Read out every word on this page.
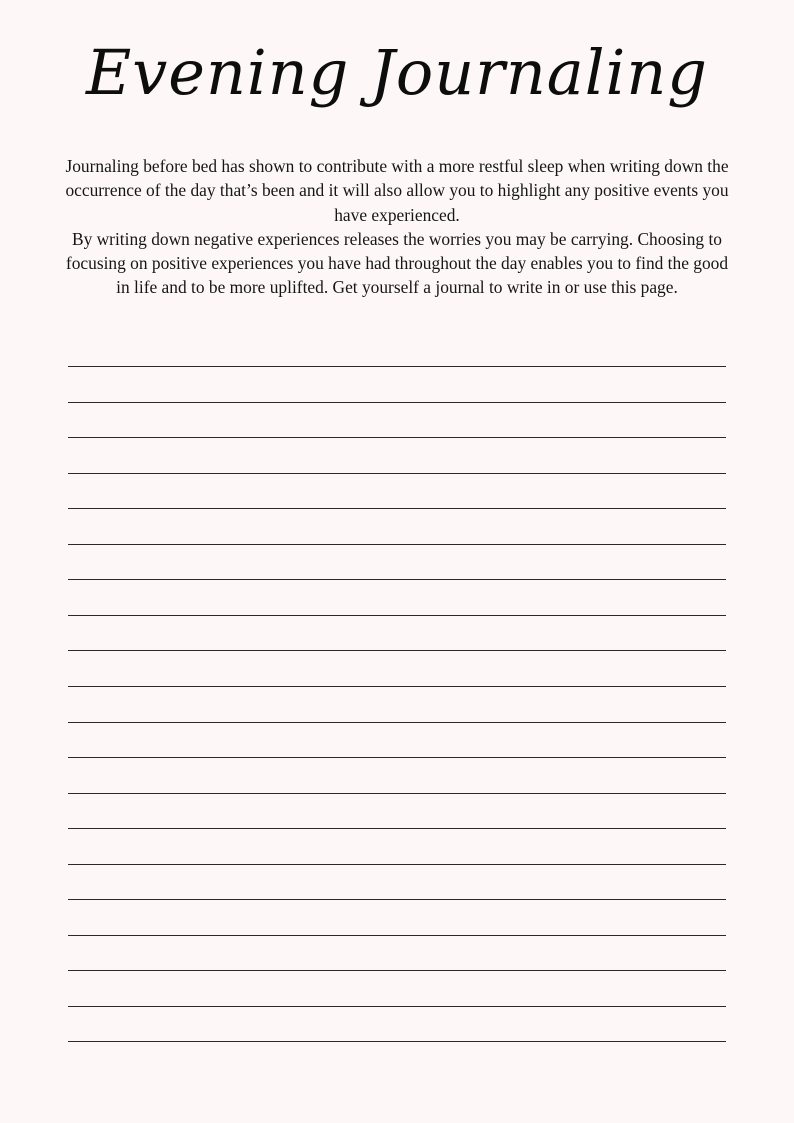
Evening Journaling

Journaling before bed has shown to contribute with a more restful sleep when writing down the occurrence of the day that’s been and it will also allow you to highlight any positive events you have experienced.

By writing down negative experiences releases the worries you may be carrying. Choosing to focusing on positive experiences you have had throughout the day enables you to find the good in life and to be more uplifted. Get yourself a journal to write in or use this page.
